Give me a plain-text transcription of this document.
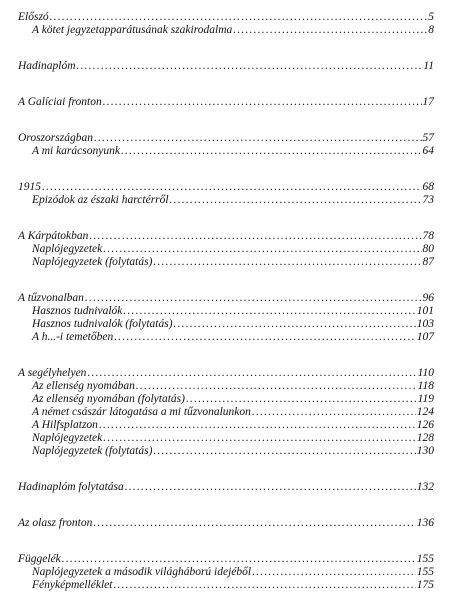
Előszó .....	5
A kötet jegyzetapparátusának szakirodalma .....	8
Hadinaplóm .....	11
A Galíciai fronton .....	17
Oroszországban .....	57
A mi karácsonyunk .....	64
1915 .....	68
Epizódok az északi harctérről .....	73
A Kárpátokban .....	78
Naplójegyzetek .....	80
Naplójegyzetek (folytatás) .....	87
A tűzvonalban .....	96
Hasznos tudnivalók .....	101
Hasznos tudnivalók (folytatás) .....	103
A h...-i temetőben .....	107
A segélyhelyen .....	110
Az ellenség nyomában .....	118
Az ellenség nyomában (folytatás) .....	119
A német császár látogatása a mi tűzvonalunkon .....	124
A Hilfsplatzon .....	126
Naplójegyzetek .....	128
Naplójegyzetek (folytatás) .....	130
Hadinaplóm folytatása .....	132
Az olasz fronton .....	136
Függelék .....	155
Naplójegyzetek a második világháború idejéből .....	155
Fényképmelléklet .....	175
